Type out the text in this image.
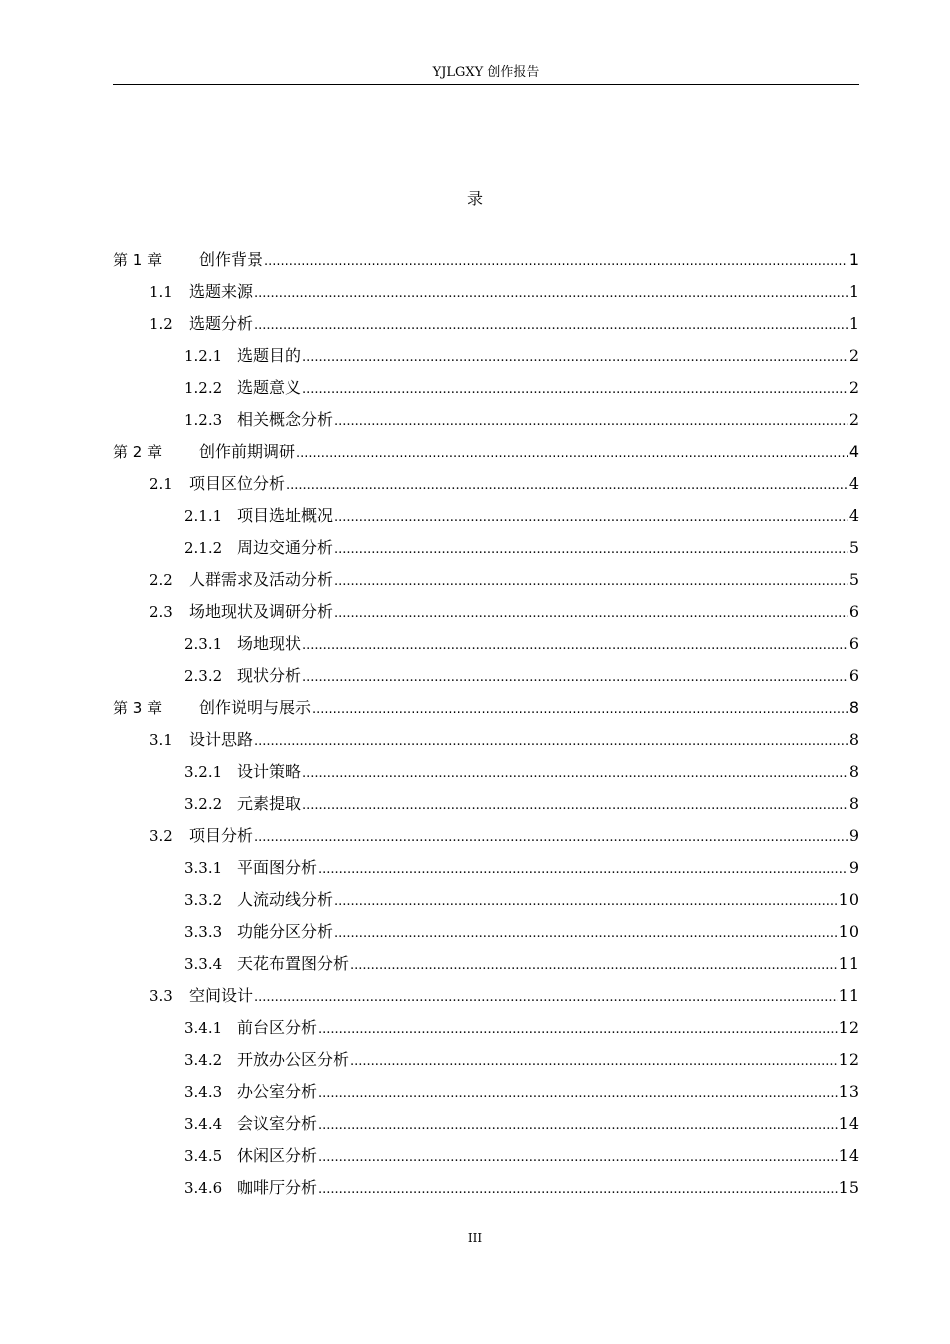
YJLGXY 创作报告
录
第 1 章	创作背景 .....	1
1.1	选题来源 .....	1
1.2	选题分析 .....	1
1.2.1 选题目的 .....	2
1.2.2 选题意义 .....	2
1.2.3 相关概念分析 .....	2
第 2 章	创作前期调研 .....	4
2.1	项目区位分析 .....	4
2.1.1 项目选址概况 .....	4
2.1.2 周边交通分析 .....	5
2.2	人群需求及活动分析 .....	5
2.3	场地现状及调研分析 .....	6
2.3.1 场地现状 .....	6
2.3.2 现状分析 .....	6
第 3 章	创作说明与展示 .....	8
3.1	设计思路 .....	8
3.2.1 设计策略 .....	8
3.2.2 元素提取 .....	8
3.2	项目分析 .....	9
3.3.1 平面图分析 .....	9
3.3.2 人流动线分析 .....	10
3.3.3 功能分区分析 .....	10
3.3.4 天花布置图分析 .....	11
3.3	空间设计 .....	11
3.4.1 前台区分析 .....	12
3.4.2 开放办公区分析 .....	12
3.4.3 办公室分析 .....	13
3.4.4 会议室分析 .....	14
3.4.5 休闲区分析 .....	14
3.4.6 咖啡厅分析 .....	15
III
